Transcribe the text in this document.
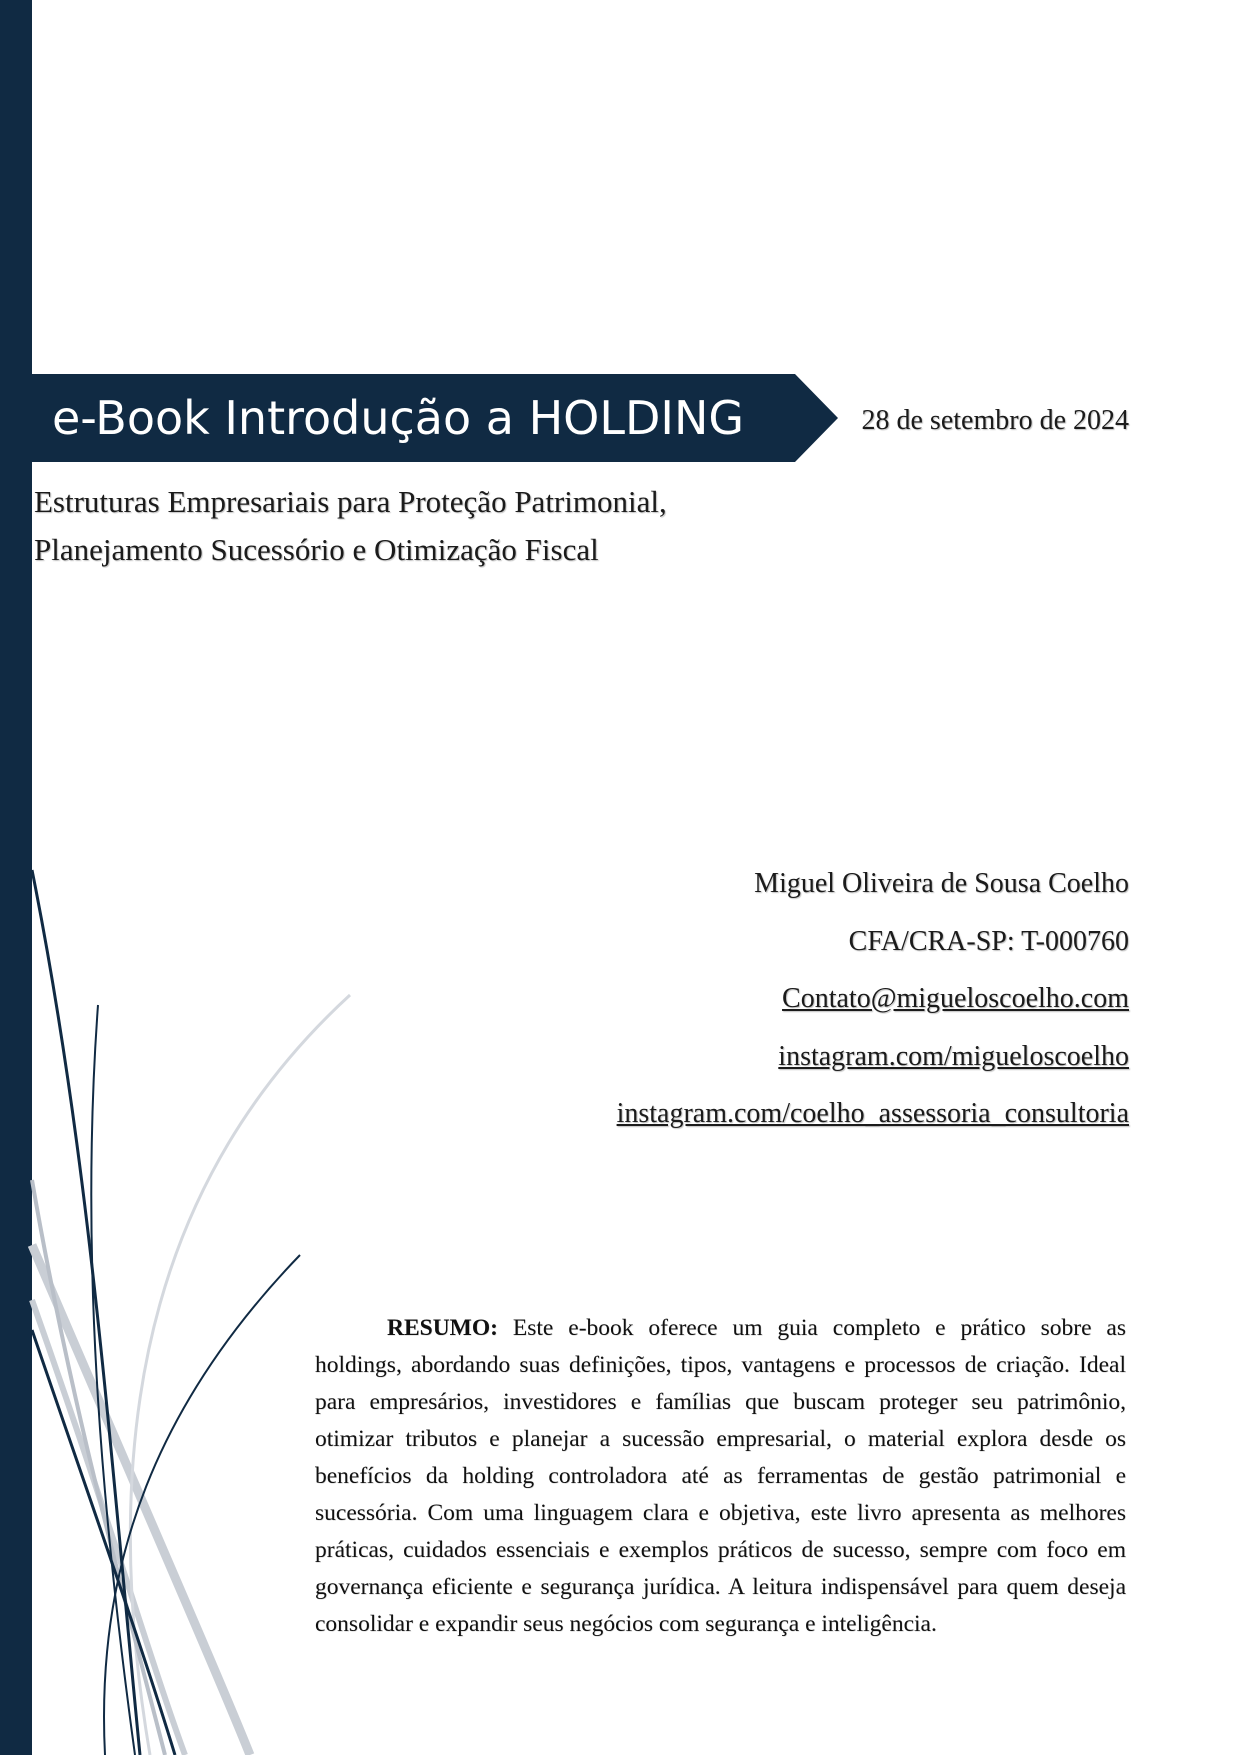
e-Book Introdução a HOLDING	28 de setembro de 2024
Estruturas Empresariais para Proteção Patrimonial,
Planejamento Sucessório e Otimização Fiscal
Miguel Oliveira de Sousa Coelho
CFA/CRA-SP: T-000760
Contato@migueloscoelho.com
instagram.com/migueloscoelho
instagram.com/coelho_assessoria_consultoria
RESUMO: Este e-book oferece um guia completo e prático sobre as holdings, abordando suas definições, tipos, vantagens e processos de criação. Ideal para empresários, investidores e famílias que buscam proteger seu patrimônio, otimizar tributos e planejar a sucessão empresarial, o material explora desde os benefícios da holding controladora até as ferramentas de gestão patrimonial e sucessória. Com uma linguagem clara e objetiva, este livro apresenta as melhores práticas, cuidados essenciais e exemplos práticos de sucesso, sempre com foco em governança eficiente e segurança jurídica. A leitura indispensável para quem deseja consolidar e expandir seus negócios com segurança e inteligência.
